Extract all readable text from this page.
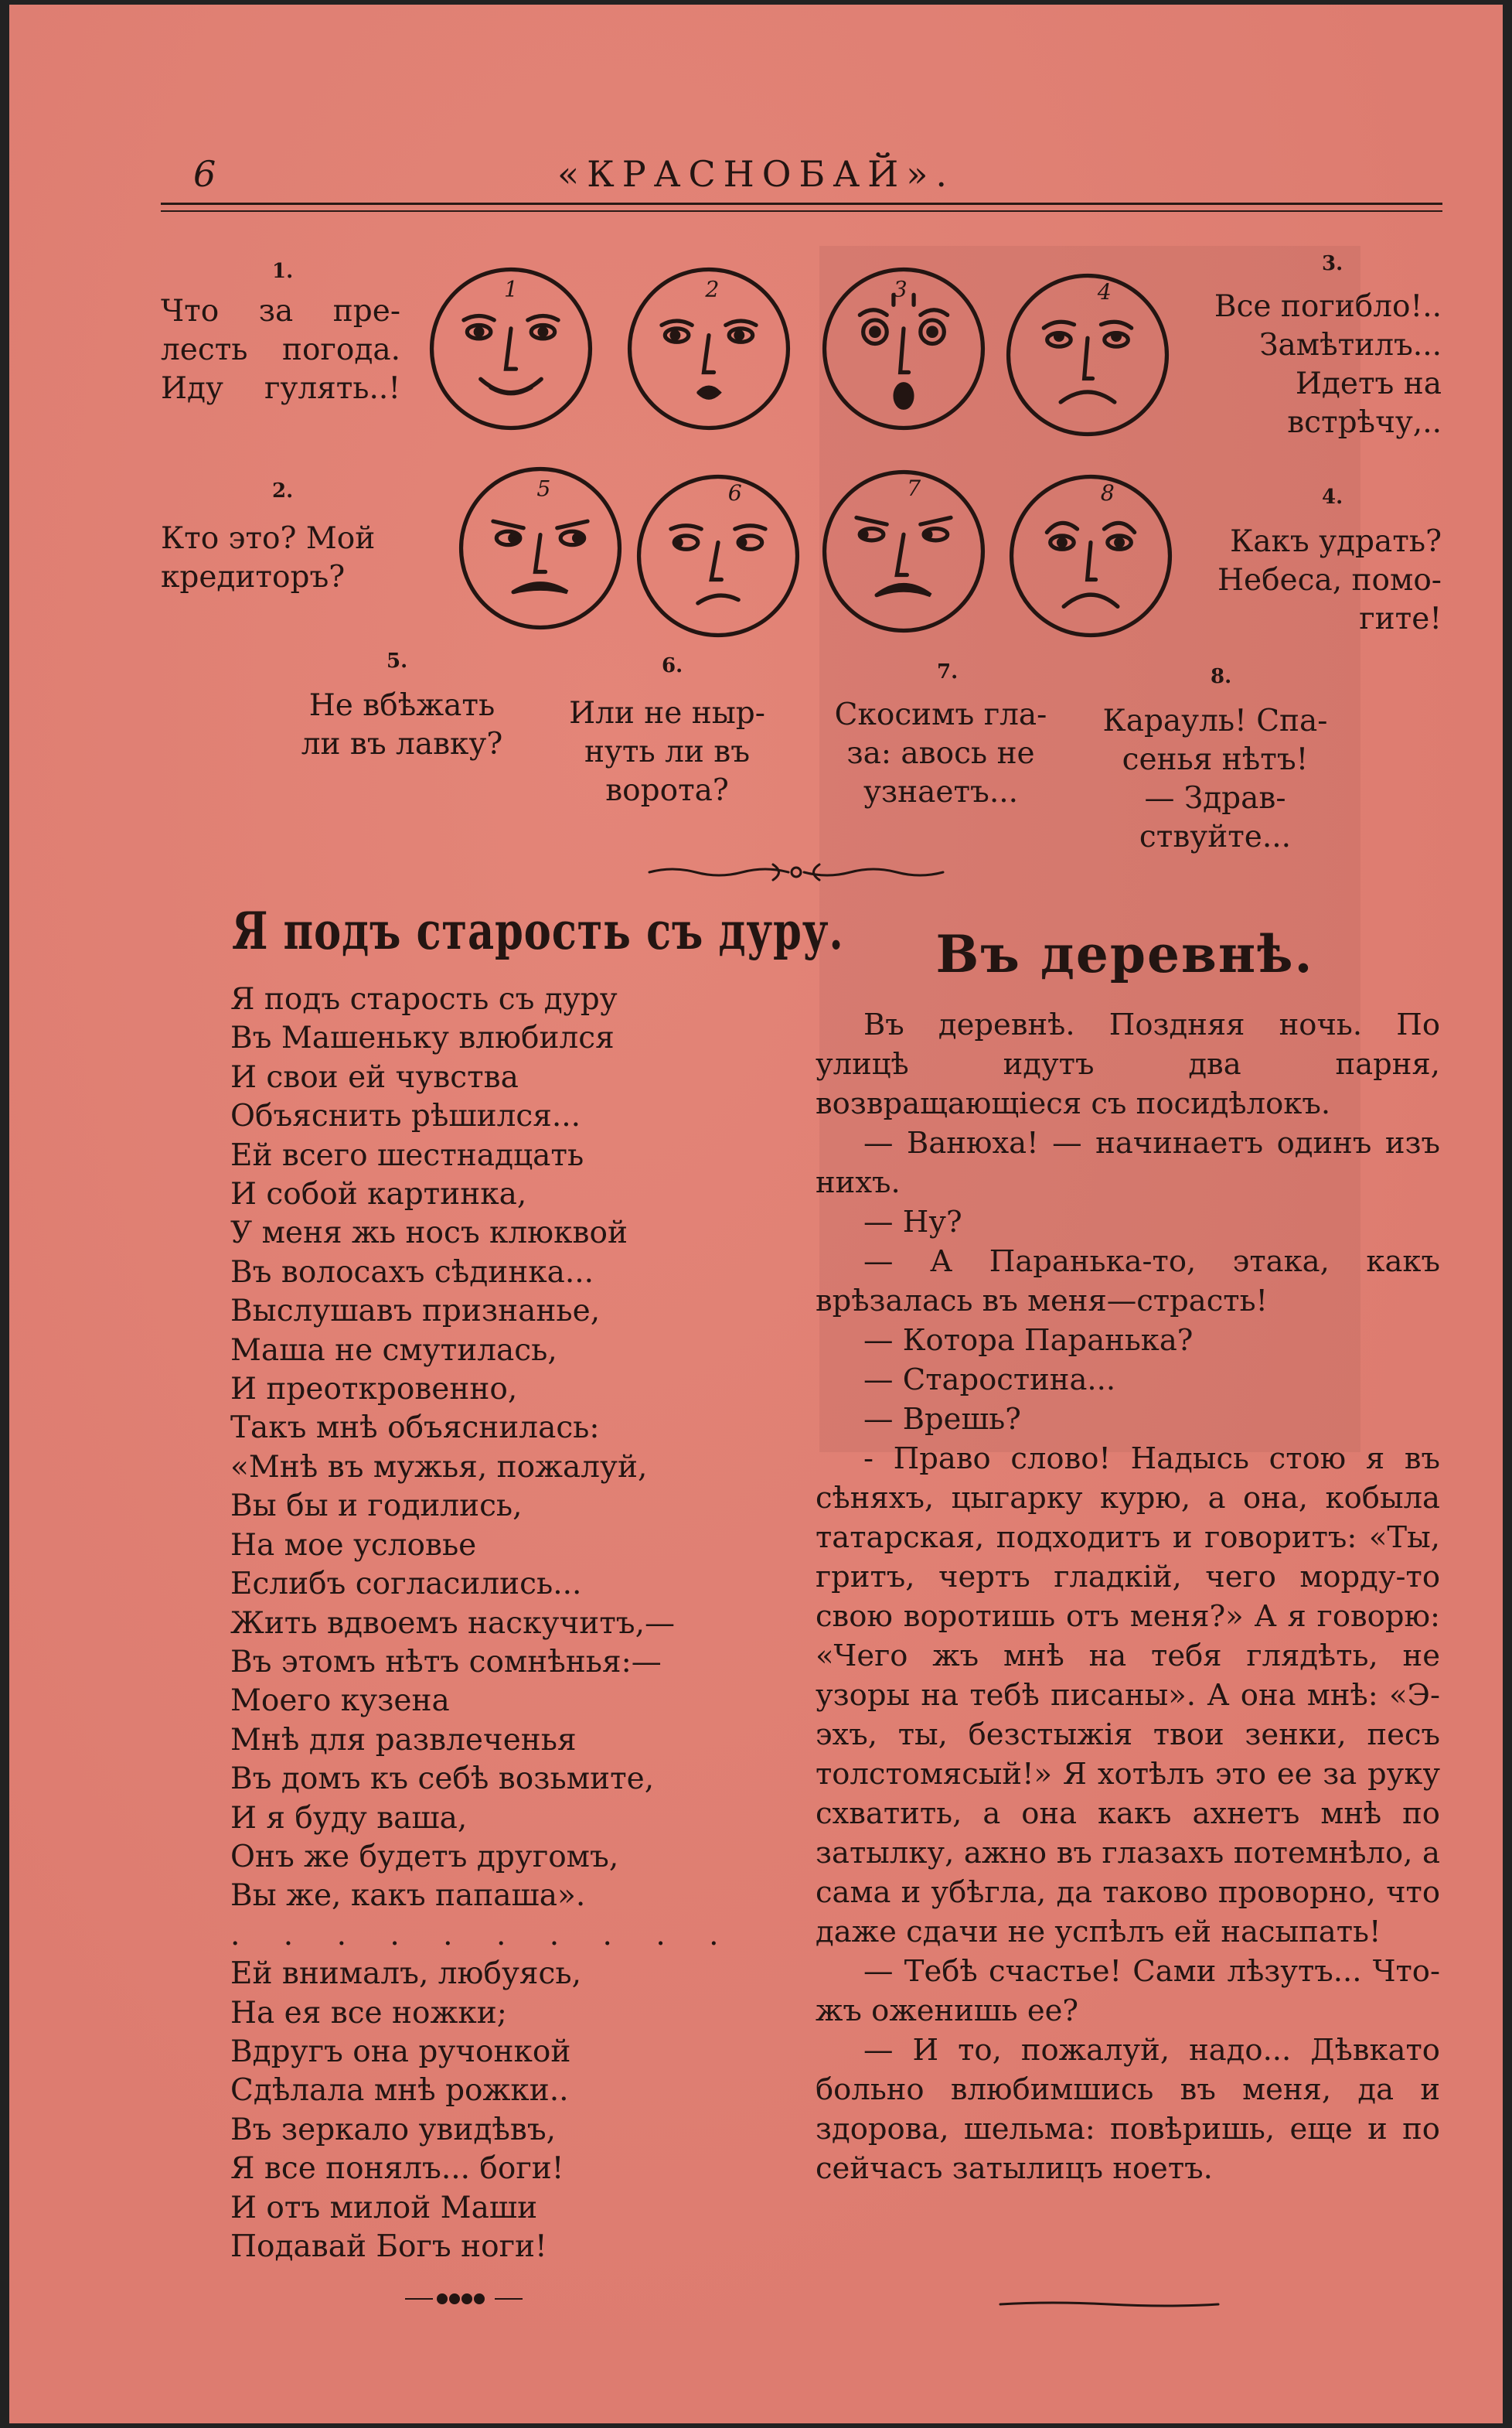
6	«КРАСНОБАЙ».
1.
Что за пре-
лесть погода.
Иду гулять..!
2.
Кто это? Мой
кредиторъ?
3.
Все погибло!..
Замѣтилъ...
Идетъ на
встрѣчу,..
4.
Какъ удрать?
Небеса, помо-
гите!
5.
Не вбѣжать
ли въ лавку?
6.
Или не ныр-
нуть ли въ
ворота?
7.
Скосимъ гла-
за: авось не
узнаетъ...
8.
Карауль! Спа-
сенья нѣтъ!
— Здрав-
ствуйте...
1	2	3	4
5	6	7	8
Я подъ старость съ дуру.
Я подъ старость съ дуру
Въ Машеньку влюбился
И свои ей чувства
Объяснить рѣшился...
Ей всего шестнадцать
И собой картинка,
У меня жь носъ клюквой
Въ волосахъ сѣдинка...
Выслушавъ признанье,
Маша не смутилась,
И преоткровенно,
Такъ мнѣ объяснилась:
«Мнѣ въ мужья, пожалуй,
Вы бы и годились,
На мое условье
Еслибъ согласились...
Жить вдвоемъ наскучитъ,—
Въ этомъ нѣтъ сомнѣнья:—
Моего кузена
Мнѣ для развлеченья
Въ домъ къ себѣ возьмите,
И я буду ваша,
Онъ же будетъ другомъ,
Вы же, какъ папаша».
. . . . . . . . . .
Ей внималъ, любуясь,
На ея все ножки;
Вдругъ она ручонкой
Сдѣлала мнѣ рожки..
Въ зеркало увидѣвъ,
Я все понялъ... боги!
И отъ милой Маши
Подавай Богъ ноги!
Въ деревнѣ.

Въ деревнѣ. Поздняя ночь. По улицѣ идутъ два парня, возвращающіеся съ посидѣлокъ.

— Ванюха! — начинаетъ одинъ изъ нихъ.

— Ну?

— А Паранька-то, этака, какъ врѣзалась въ меня—страсть!

— Котора Паранька?

— Старостина...

— Врешь?

- Право слово! Надысь стою я въ сѣняхъ, цыгарку курю, а она, кобыла татарская, подходитъ и говоритъ: «Ты, гритъ, чертъ гладкій, чего морду-то свою воротишь отъ меня?» А я говорю: «Чего жъ мнѣ на тебя глядѣть, не узоры на тебѣ писаны». А она мнѣ: «Э-эхъ, ты, безстыжія твои зенки, песъ толстомясый!» Я хотѣлъ это ее за руку схватить, а она какъ ахнетъ мнѣ по затылку, ажно въ глазахъ потемнѣло, а сама и убѣгла, да таково проворно, что даже сдачи не успѣлъ ей насыпать!

— Тебѣ счастье! Сами лѣзутъ... Что-жъ оженишь ее?

— И то, пожалуй, надо... Дѣвкато больно влюбимшись въ меня, да и здорова, шельма: повѣришь, еще и по сейчасъ затылицъ ноетъ.
